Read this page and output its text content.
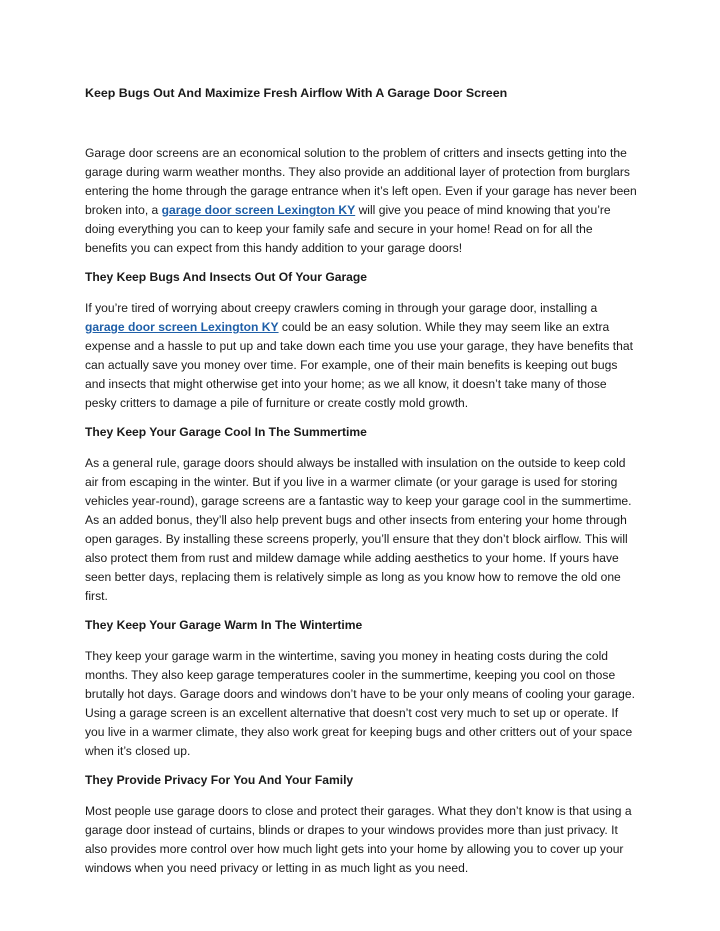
Keep Bugs Out And Maximize Fresh Airflow With A Garage Door Screen

Garage door screens are an economical solution to the problem of critters and insects getting into the garage during warm weather months. They also provide an additional layer of protection from burglars entering the home through the garage entrance when it’s left open. Even if your garage has never been broken into, a garage door screen Lexington KY will give you peace of mind knowing that you’re doing everything you can to keep your family safe and secure in your home! Read on for all the benefits you can expect from this handy addition to your garage doors!

They Keep Bugs And Insects Out Of Your Garage

If you’re tired of worrying about creepy crawlers coming in through your garage door, installing a garage door screen Lexington KY could be an easy solution. While they may seem like an extra expense and a hassle to put up and take down each time you use your garage, they have benefits that can actually save you money over time. For example, one of their main benefits is keeping out bugs and insects that might otherwise get into your home; as we all know, it doesn’t take many of those pesky critters to damage a pile of furniture or create costly mold growth.

They Keep Your Garage Cool In The Summertime

As a general rule, garage doors should always be installed with insulation on the outside to keep cold air from escaping in the winter. But if you live in a warmer climate (or your garage is used for storing vehicles year-round), garage screens are a fantastic way to keep your garage cool in the summertime. As an added bonus, they’ll also help prevent bugs and other insects from entering your home through open garages. By installing these screens properly, you’ll ensure that they don’t block airflow. This will also protect them from rust and mildew damage while adding aesthetics to your home. If yours have seen better days, replacing them is relatively simple as long as you know how to remove the old one first.

They Keep Your Garage Warm In The Wintertime

They keep your garage warm in the wintertime, saving you money in heating costs during the cold months. They also keep garage temperatures cooler in the summertime, keeping you cool on those brutally hot days. Garage doors and windows don’t have to be your only means of cooling your garage. Using a garage screen is an excellent alternative that doesn’t cost very much to set up or operate. If you live in a warmer climate, they also work great for keeping bugs and other critters out of your space when it’s closed up.

They Provide Privacy For You And Your Family

Most people use garage doors to close and protect their garages. What they don’t know is that using a garage door instead of curtains, blinds or drapes to your windows provides more than just privacy. It also provides more control over how much light gets into your home by allowing you to cover up your windows when you need privacy or letting in as much light as you need.
